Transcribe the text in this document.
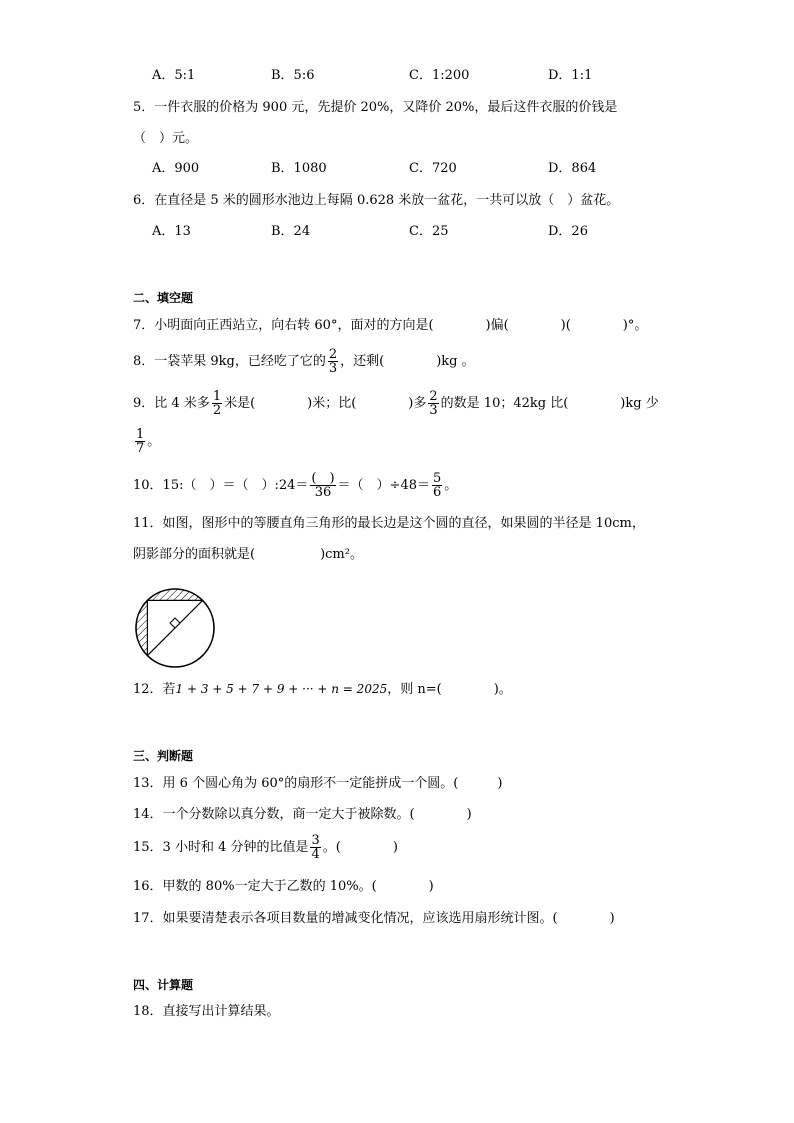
A．5:1	B．5:6	C．1:200	D．1:1
5．一件衣服的价格为 900 元，先提价 20%，又降价 20%，最后这件衣服的价钱是
（　）元。
A．900	B．1080	C．720	D．864
6．在直径是 5 米的圆形水池边上每隔 0.628 米放一盆花，一共可以放（　）盆花。
A．13	B．24	C．25	D．26
二、填空题
7．小明面向正西站立，向右转 60°，面对的方向是(　　　　)偏(　　　　)(　　　　)°。
8．一袋苹果 9kg，已经吃了它的 $\frac{2}{3}$ ，还剩(　　　　)kg 。
9．比 4 米多 $\frac{1}{2}$ 米是(　　　　)米；比(　　　　)多 $\frac{2}{3}$ 的数是 10；42kg 比(　　　　)kg 少
$\frac{1}{7}$ 。
10．15:（　）＝（　）:24＝ $\frac{( )}{36}$ ＝（　）$\div 48= \frac{5}{6}$ 。
11．如图，图形中的等腰直角三角形的最长边是这个圆的直径，如果圆的半径是 10cm，
阴影部分的面积就是(　　　　　)cm²。
12．若1 + 3 + 5 + 7 + 9 + ··· + n = 2025，则 n=(　　　　)。
三、判断题
13．用 6 个圆心角为 60°的扇形不一定能拼成一个圆。(　　　)
14．一个分数除以真分数，商一定大于被除数。(　　　　)
15．3 小时和 4 分钟的比值是 $\frac{3}{4}$ 。(　　　　)
16．甲数的 80%一定大于乙数的 10%。(　　　　)
17．如果要清楚表示各项目数量的增减变化情况，应该选用扇形统计图。(　　　　)
四、计算题
18．直接写出计算结果。
